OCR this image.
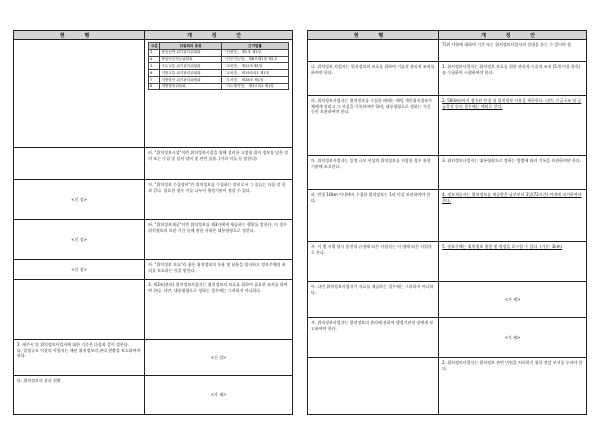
현 행	개 정 안

구분	위원회의 종류	근거법률
3	중앙선박 위기관리위원회	「선원법」 제2조 제1항
4	중앙인공지능위원회	「인공지능법」 제8조제1항 제1호
5	국토교통 위기관리위원회	「교육법」 제12조제1항
6	지방교통 위기관리위원회	「교육법」 제19조의1 제1항
7	지방항만 위기관리위원회	「도서법」 제38조 제1항
8	개별행정위원회	「지도제작법」 제3조의2 제1항

	라. "위치정보시설"이란 위치정보시설을 위해 설비한 고정형 위치 정보를 담은 장비 또는 수집 및 설치 장비 및 관련 물품. (이하 이를 등 말한다)
<신 설>	마. "위치정보 수집장비"란 위치정보를 수집하는 장비로서 그 종류는 다음 각 목과 같다. 필요한 경우 이를 나누어 행정기관이 정할 수 있다.
<신 설>	바. "위치정보제공"이란 위치정보를 제3자에게 제공하는 행위를 말한다. 이 경우 위치정보의 보관 기간 등에 관한 사항은 대통령령으로 정한다.
<신 설>	사. "위치정보 보호"라 함은 위치정보의 오용 및 남용을 방지하고 정보주체의 권리를 보호하는 것을 말한다.
	3. 제3조(관리) 위치정보사업자는 위치정보의 보호를 위하여 필요한 조치를 하여야 한다. 다만, 대통령령으로 정하는 경우에는 그러하지 아니하다.

2. 제주시 및 위치정보사업자에 대한 기준은 다음과 같이 정한다.
다. 일정규모 이상의 사업자는 매년 위치정보의 관리 현황을 보고하여야 한다.	<신 설>
다. 위치정보의 관리 현황	<가 제>
현 행	개 정 안
	7)위 사항에 대하여 기간 또는 위치정보사업자의 설명을 듣는 수 있어야 함
다. 위치정보 사업자는 위치정보의 보호를 위하여 기술적 관리적 조치를 하여야 한다.	1. 위치정보사업자는 위치정보 보호를 위한 관리적·기술적 조치 (5개 이상 항목)를 수립하여 시행하여야 한다.
라. 위치정보사업자는 위치정보를 수집한 때에는 해당 개인위치정보주체에게 알리고 그 사실을 기록하여야 하며, 대통령령으로 정하는 기간 동안 보관하여야 한다.	2. 50(km)까지 접속된 반경 내 위치정보 사용을 제한한다. 다만, 긴급구조 및 공공목적 등의 경우에는 예외로 한다.
마. 위치정보사업자는 일정 규모 이상의 위치정보를 저장한 경우 관할 기관에 보고한다.	3. 위치정보사업자는 대통령령으로 정하는 방법에 따라 기록을 보관하여야 한다.
바. 반경 10km 이내에서 수집한 위치정보는 1년 이상 보관하여야 한다.	4. 정보제공자는 위치정보를 제공받은 날로부터 3일(72시간) 이내에 파기하여야 한다.
사. 이 법 시행 당시 종전의 규정에 따른 사업자는 이 법에 따른 사업자로 본다.	5. 정보주체는 위치정보 열람 및 정정을 요구할 수 있다. (기준: 3km)
아. 다만 위치정보사업자가 자료를 제공하는 경우에는 그러하지 아니하다.	<가 제>
자. 위치정보사업자는 위치정보의 관리에 관하여 행정기관의 장에게 보고하여야 한다.	<가 제>
	2. 위치정보사업자는 위치정보 관련 민원을 처리하기 위한 전담 부서를 두어야 한다.
